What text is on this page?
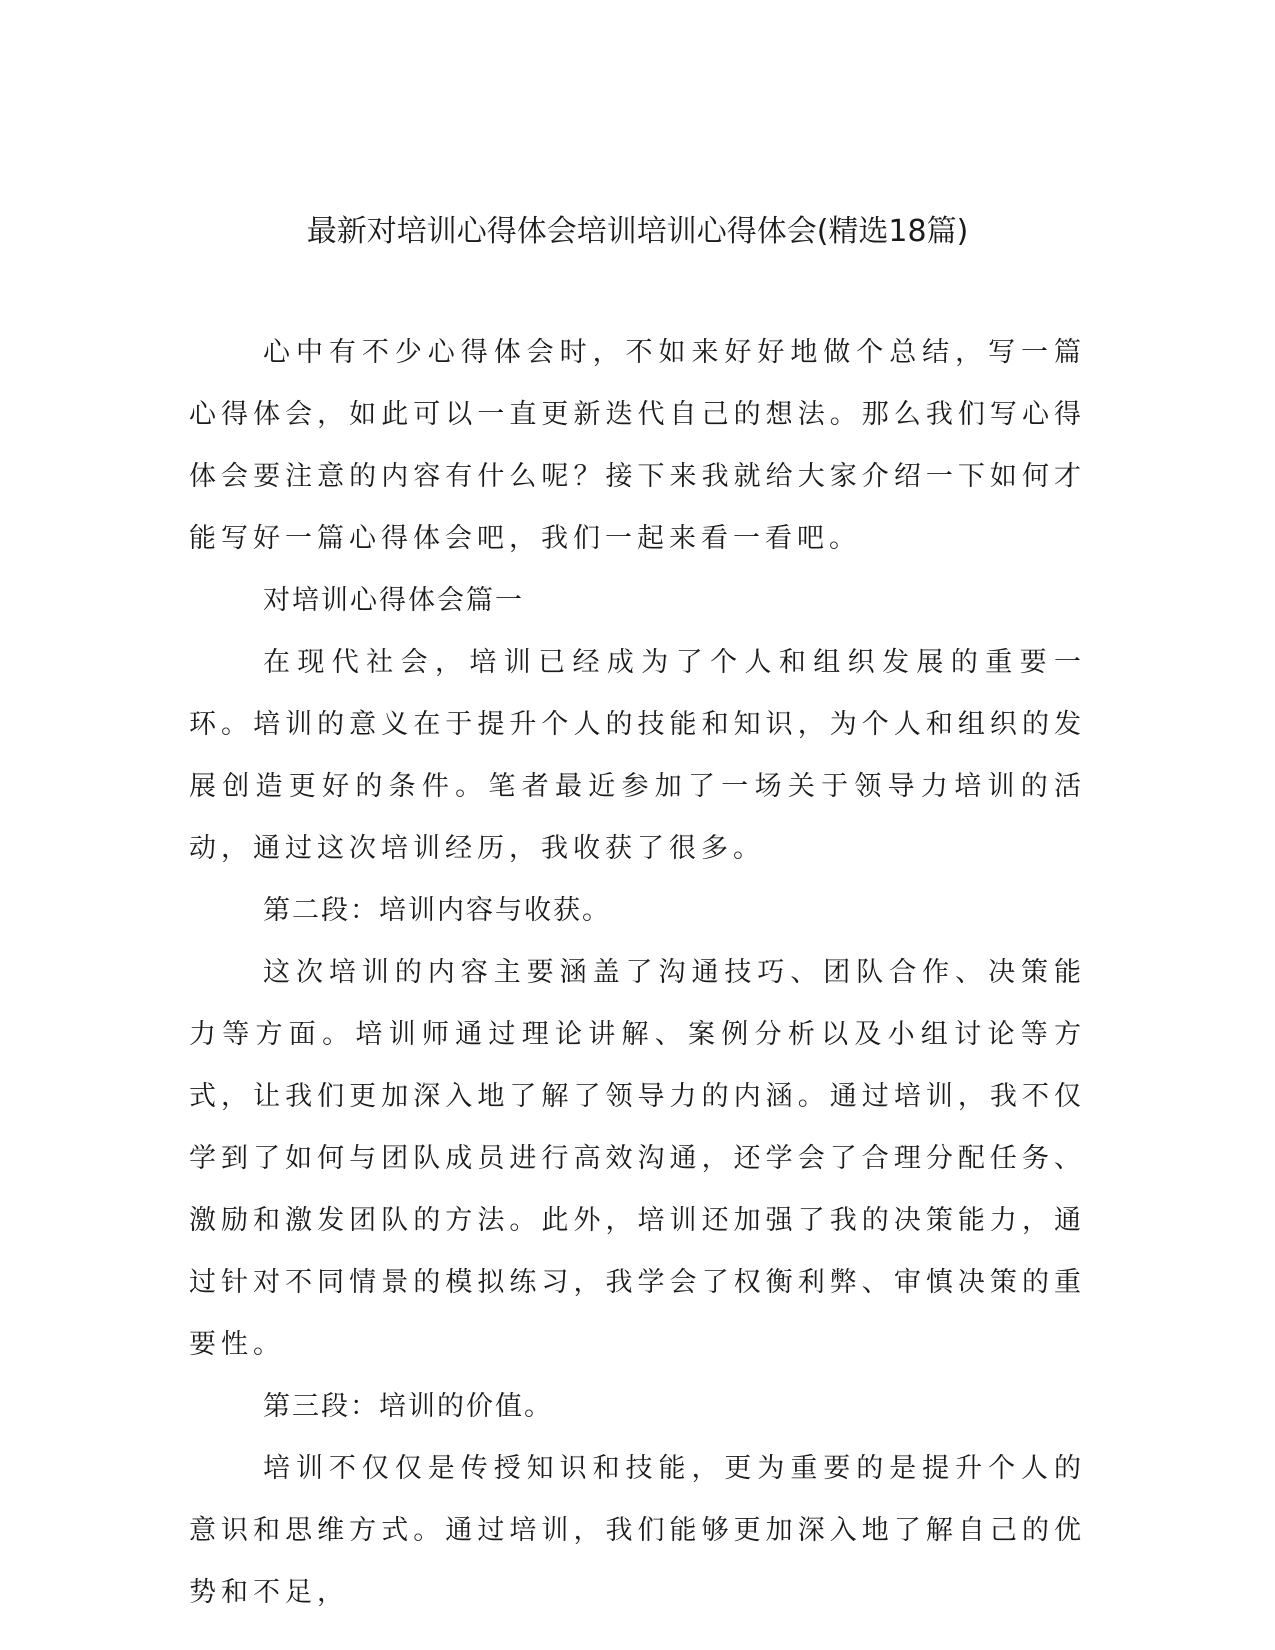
最新对培训心得体会培训培训心得体会(精选18篇)

心中有不少心得体会时，不如来好好地做个总结，写一篇心得体会，如此可以一直更新迭代自己的想法。那么我们写心得体会要注意的内容有什么呢？接下来我就给大家介绍一下如何才能写好一篇心得体会吧，我们一起来看一看吧。

对培训心得体会篇一

在现代社会，培训已经成为了个人和组织发展的重要一环。培训的意义在于提升个人的技能和知识，为个人和组织的发展创造更好的条件。笔者最近参加了一场关于领导力培训的活动，通过这次培训经历，我收获了很多。

第二段：培训内容与收获。

这次培训的内容主要涵盖了沟通技巧、团队合作、决策能力等方面。培训师通过理论讲解、案例分析以及小组讨论等方式，让我们更加深入地了解了领导力的内涵。通过培训，我不仅学到了如何与团队成员进行高效沟通，还学会了合理分配任务、激励和激发团队的方法。此外，培训还加强了我的决策能力，通过针对不同情景的模拟练习，我学会了权衡利弊、审慎决策的重要性。

第三段：培训的价值。

培训不仅仅是传授知识和技能，更为重要的是提升个人的意识和思维方式。通过培训，我们能够更加深入地了解自己的优势和不足，
